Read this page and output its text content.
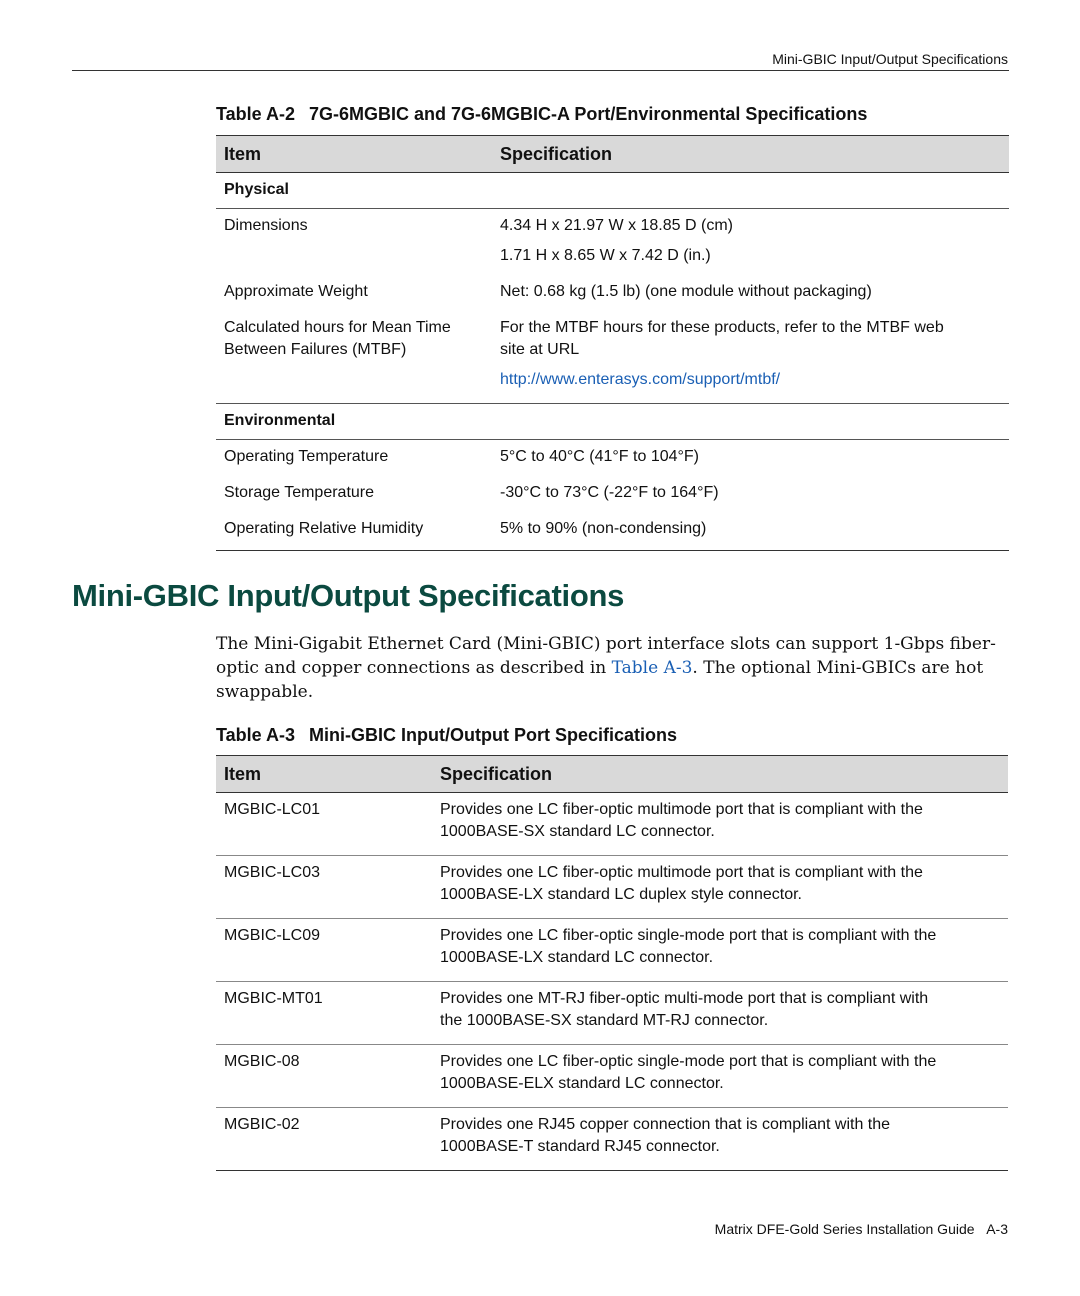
Mini-GBIC Input/Output Specifications
Table A-2 7G-6MGBIC and 7G-6MGBIC-A Port/Environmental Specifications
Item	Specification
Physical	
Dimensions	4.34 H x 21.97 W x 18.85 D (cm)
	1.71 H x 8.65 W x 7.42 D (in.)
Approximate Weight	Net: 0.68 kg (1.5 lb) (one module without packaging)
Calculated hours for Mean Time	For the MTBF hours for these products, refer to the MTBF web
Between Failures (MTBF)	site at URL
	http://www.enterasys.com/support/mtbf/
Environmental	
Operating Temperature	5°C to 40°C (41°F to 104°F)
Storage Temperature	-30°C to 73°C (-22°F to 164°F)
Operating Relative Humidity	5% to 90% (non-condensing)
Mini-GBIC Input/Output Specifications

The Mini-Gigabit Ethernet Card (Mini-GBIC) port interface slots can support 1-Gbps fiber-optic and copper connections as described in Table A-3. The optional Mini-GBICs are hot swappable.

Table A-3 Mini-GBIC Input/Output Port Specifications
Item	Specification
MGBIC-LC01	Provides one LC fiber-optic multimode port that is compliant with the
1000BASE-SX standard LC connector.
MGBIC-LC03	Provides one LC fiber-optic multimode port that is compliant with the
1000BASE-LX standard LC duplex style connector.
MGBIC-LC09	Provides one LC fiber-optic single-mode port that is compliant with the
1000BASE-LX standard LC connector.
MGBIC-MT01	Provides one MT-RJ fiber-optic multi-mode port that is compliant with
the 1000BASE-SX standard MT-RJ connector.
MGBIC-08	Provides one LC fiber-optic single-mode port that is compliant with the
1000BASE-ELX standard LC connector.
MGBIC-02	Provides one RJ45 copper connection that is compliant with the
1000BASE-T standard RJ45 connector.
Matrix DFE-Gold Series Installation Guide A-3
